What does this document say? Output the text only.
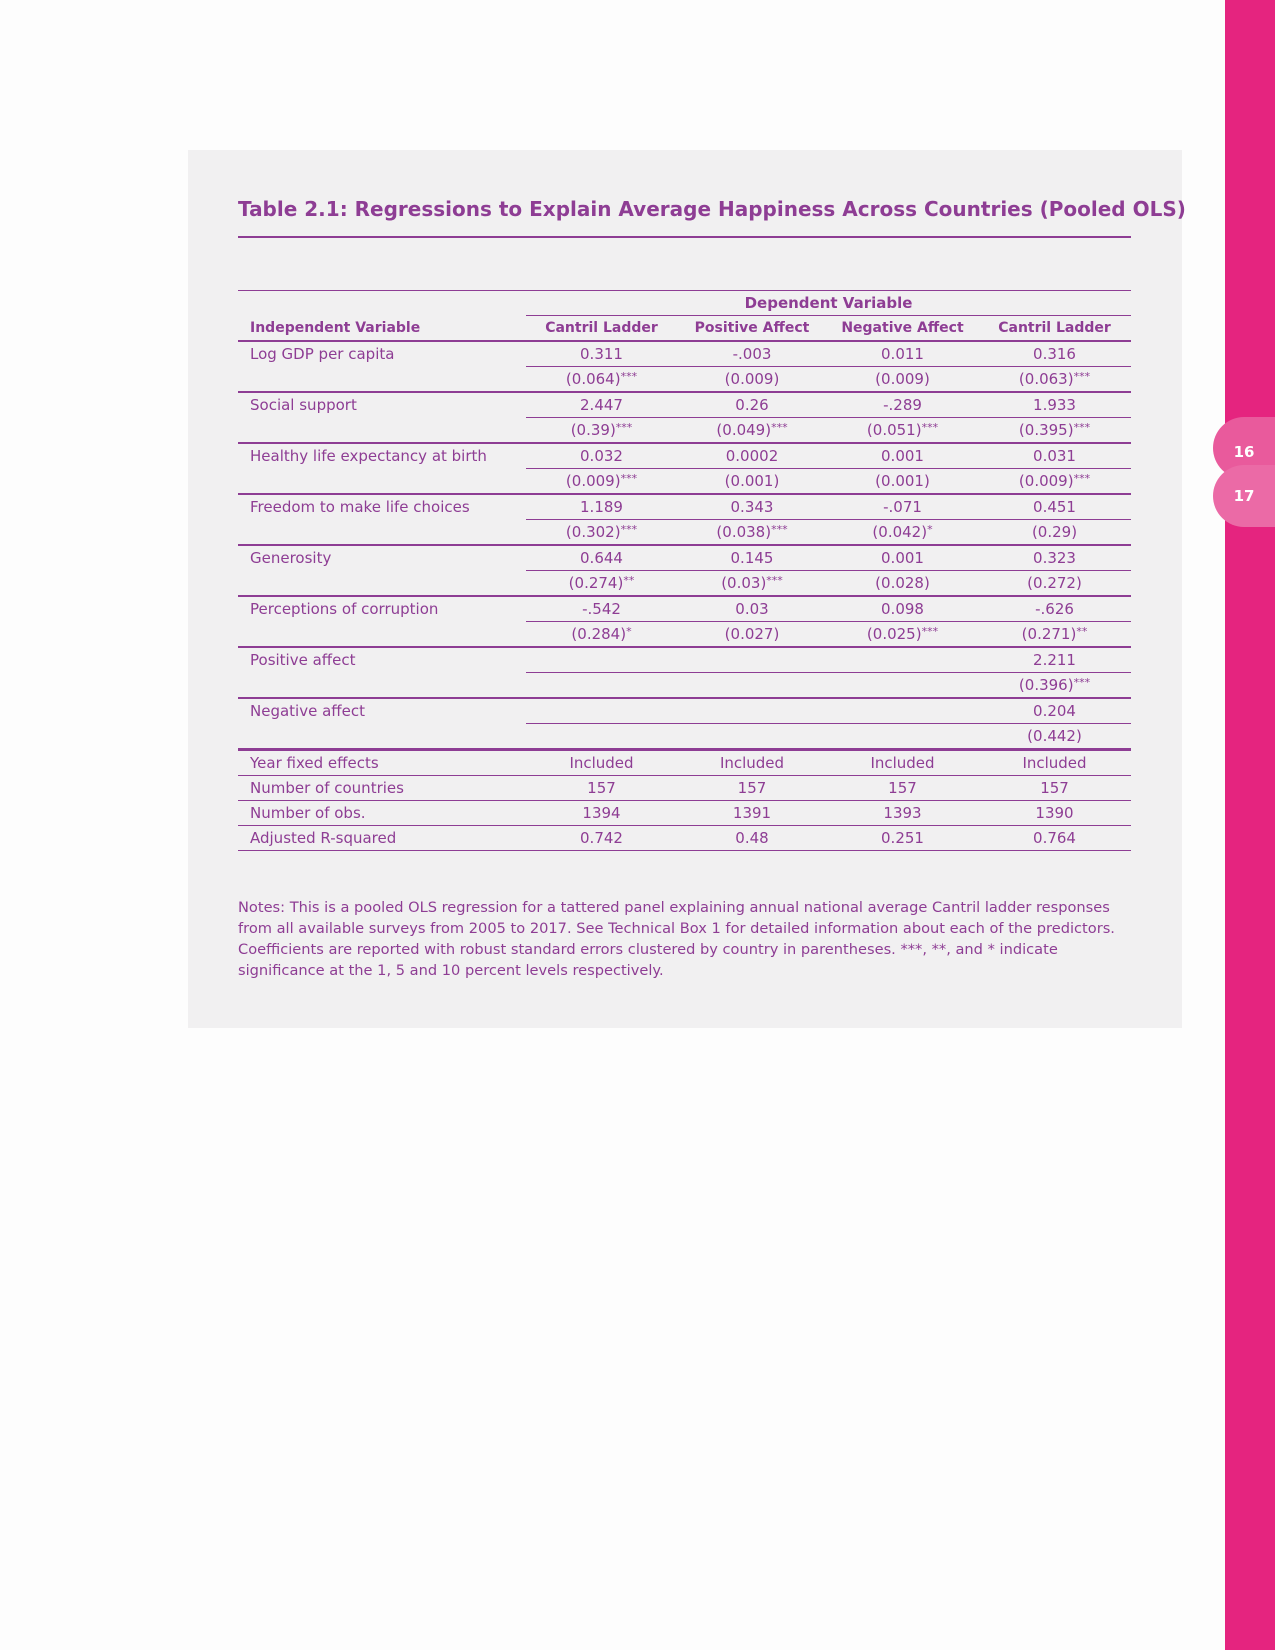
16
17
Table 2.1: Regressions to Explain Average Happiness Across Countries (Pooled OLS)
	Dependent Variable			
Independent Variable	Cantril Ladder	Positive Affect	Negative Affect	Cantril Ladder
Log GDP per capita	0.311	-.003	0.011	0.316
	(0.064)***	(0.009)	(0.009)	(0.063)***
Social support	2.447	0.26	-.289	1.933
	(0.39)***	(0.049)***	(0.051)***	(0.395)***
Healthy life expectancy at birth	0.032	0.0002	0.001	0.031
	(0.009)***	(0.001)	(0.001)	(0.009)***
Freedom to make life choices	1.189	0.343	-.071	0.451
	(0.302)***	(0.038)***	(0.042)*	(0.29)
Generosity	0.644	0.145	0.001	0.323
	(0.274)**	(0.03)***	(0.028)	(0.272)
Perceptions of corruption	-.542	0.03	0.098	-.626
	(0.284)*	(0.027)	(0.025)***	(0.271)**
Positive affect				2.211
				(0.396)***
Negative affect				0.204
				(0.442)
Year fixed effects	Included	Included	Included	Included
Number of countries	157	157	157	157
Number of obs.	1394	1391	1393	1390
Adjusted R-squared	0.742	0.48	0.251	0.764
Notes: This is a pooled OLS regression for a tattered panel explaining annual national average Cantril ladder responses from all available surveys from 2005 to 2017. See Technical Box 1 for detailed information about each of the predictors. Coefficients are reported with robust standard errors clustered by country in parentheses. ***, **, and * indicate significance at the 1, 5 and 10 percent levels respectively.
